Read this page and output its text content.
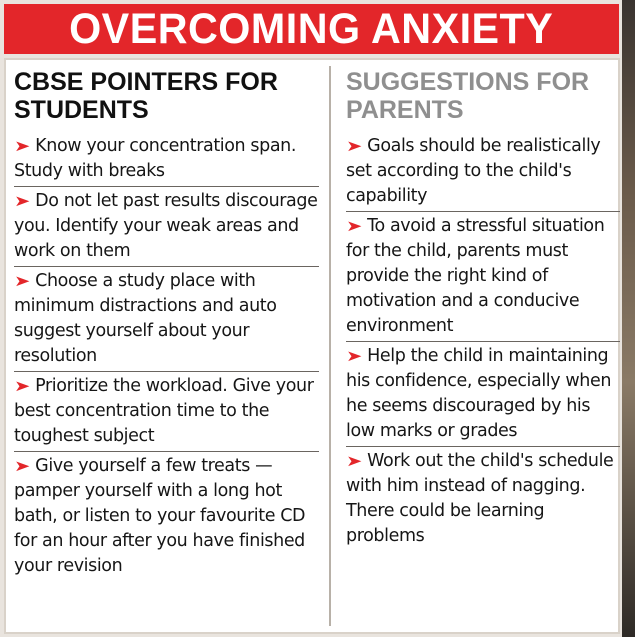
OVERCOMING ANXIETY
CBSE POINTERS FOR
STUDENTS
➤ Know your concentration span. Study with breaks
➤ Do not let past results discourage you. Identify your weak areas and work on them
➤ Choose a study place with minimum distractions and auto suggest yourself about your resolution
➤ Prioritize the workload. Give your best concentration time to the toughest subject
➤ Give yourself a few treats — pamper yourself with a long hot bath, or listen to your favourite CD for an hour after you have finished your revision
SUGGESTIONS FOR
PARENTS
➤ Goals should be realistically set according to the child's capability
➤ To avoid a stressful situation for the child, parents must provide the right kind of motivation and a conducive environment
➤ Help the child in maintaining his confidence, especially when he seems discouraged by his low marks or grades
➤ Work out the child's schedule with him instead of nagging. There could be learning problems
